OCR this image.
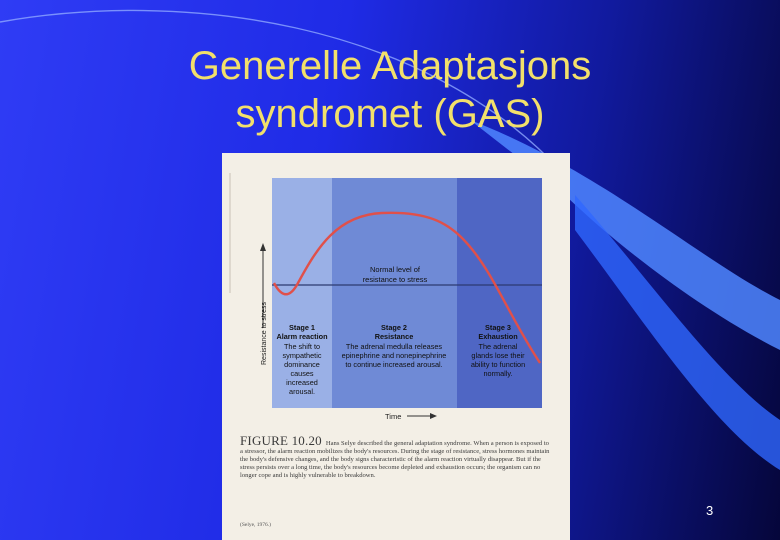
Generelle Adaptasjons
syndromet (GAS)
Resistance to stress
Normal level of
resistance to stress
Stage 1
Alarm reaction
The shift to
sympathetic
dominance
causes
increased
arousal.
Stage 2
Resistance
The adrenal medulla releases
epinephrine and nonepinephrine
to continue increased arousal.
Stage 3
Exhaustion
The adrenal
glands lose their
ability to function
normally.
Time
FIGURE 10.20 Hans Selye described the general adaptation syndrome. When a person is exposed to a stressor, the alarm reaction mobilizes the body's resources. During the stage of resistance, stress hormones maintain the body's defensive changes, and the body signs characteristic of the alarm reaction virtually disappear. But if the stress persists over a long time, the body's resources become depleted and exhaustion occurs; the organism can no longer cope and is highly vulnerable to breakdown.
(Selye, 1976.)
3
